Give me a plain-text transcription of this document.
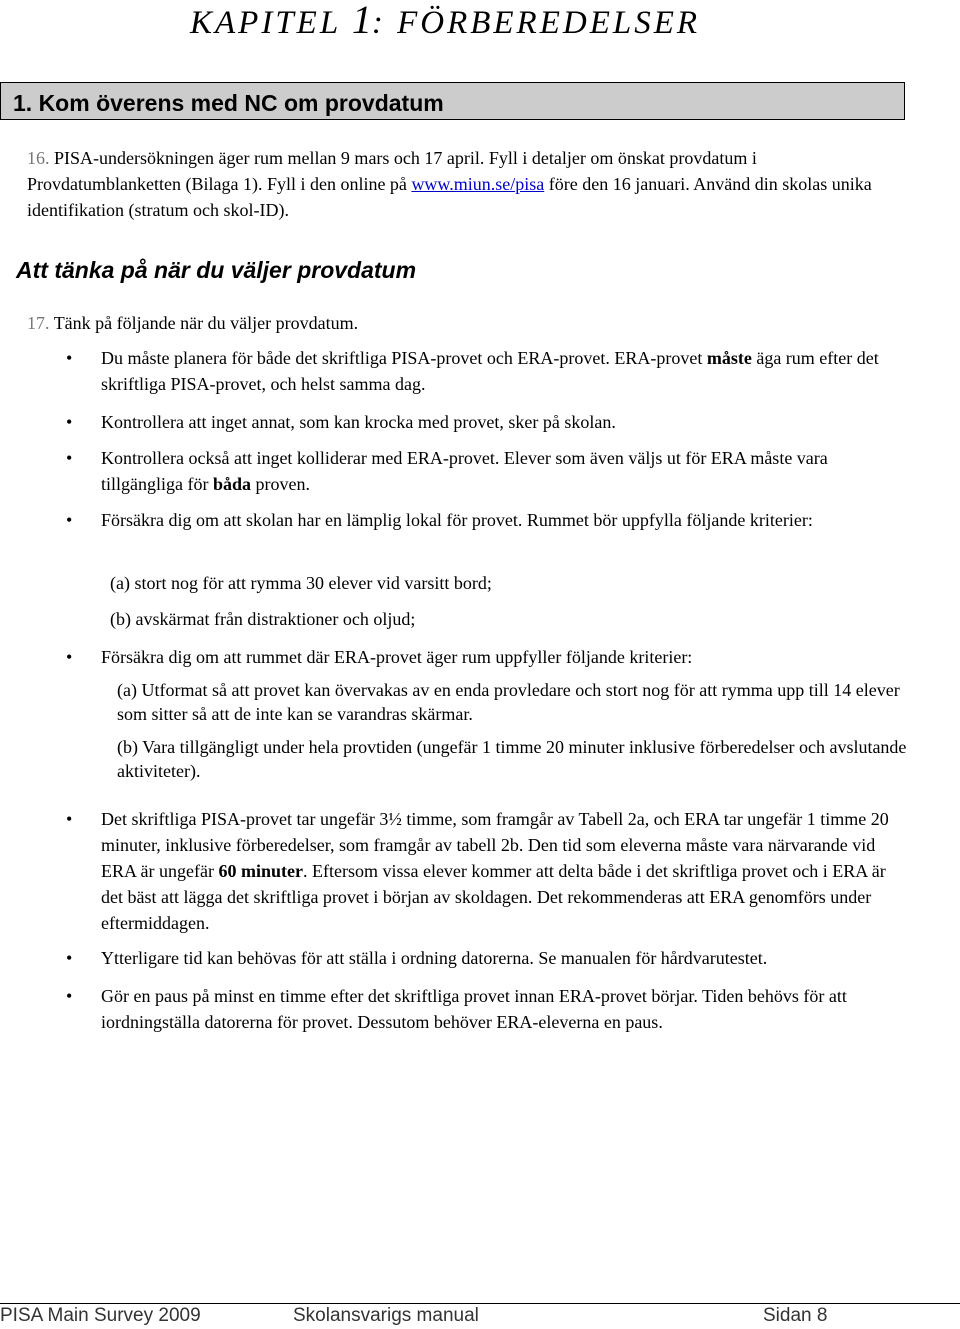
KAPITEL 1: FÖRBEREDELSER
1. Kom överens med NC om provdatum

16. PISA-undersökningen äger rum mellan 9 mars och 17 april. Fyll i detaljer om önskat provdatum i Provdatumblanketten (Bilaga 1). Fyll i den online på www.miun.se/pisa före den 16 januari. Använd din skolas unika identifikation (stratum och skol-ID).

Att tänka på när du väljer provdatum

17. Tänk på följande när du väljer provdatum.

• Du måste planera för både det skriftliga PISA-provet och ERA-provet. ERA-provet måste äga rum efter det skriftliga PISA-provet, och helst samma dag.

• Kontrollera att inget annat, som kan krocka med provet, sker på skolan.

• Kontrollera också att inget kolliderar med ERA-provet. Elever som även väljs ut för ERA måste vara tillgängliga för båda proven.

• Försäkra dig om att skolan har en lämplig lokal för provet. Rummet bör uppfylla följande kriterier:

(a) stort nog för att rymma 30 elever vid varsitt bord;

(b) avskärmat från distraktioner och oljud;

• Försäkra dig om att rummet där ERA-provet äger rum uppfyller följande kriterier:

(a) Utformat så att provet kan övervakas av en enda provledare och stort nog för att rymma upp till 14 elever som sitter så att de inte kan se varandras skärmar.

(b) Vara tillgängligt under hela provtiden (ungefär 1 timme 20 minuter inklusive förberedelser och avslutande aktiviteter).

• Det skriftliga PISA-provet tar ungefär 3½ timme, som framgår av Tabell 2a, och ERA tar ungefär 1 timme 20 minuter, inklusive förberedelser, som framgår av tabell 2b. Den tid som eleverna måste vara närvarande vid ERA är ungefär 60 minuter. Eftersom vissa elever kommer att delta både i det skriftliga provet och i ERA är det bäst att lägga det skriftliga provet i början av skoldagen. Det rekommenderas att ERA genomförs under eftermiddagen.

• Ytterligare tid kan behövas för att ställa i ordning datorerna. Se manualen för hårdvarutestet.

• Gör en paus på minst en timme efter det skriftliga provet innan ERA-provet börjar. Tiden behövs för att iordningställa datorerna för provet. Dessutom behöver ERA-eleverna en paus.

PISA Main Survey 2009	Skolansvarigs manual	Sidan 8
